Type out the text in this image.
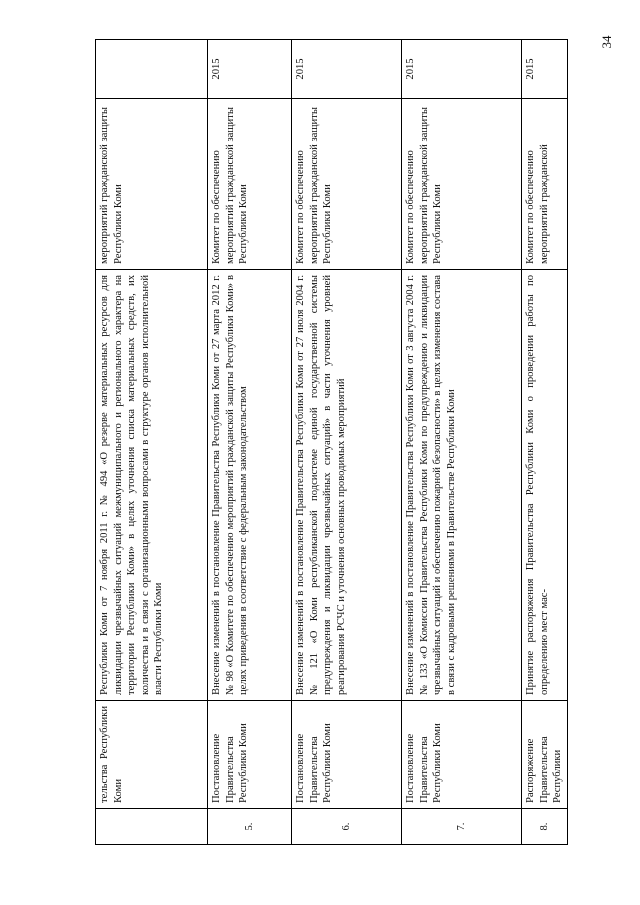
34
	тельства Республики Коми	Республики Коми от 7 ноября 2011 г. № 494 «О резерве материальных ресурсов для ликвидации чрезвычайных ситуаций межмуниципального и регионального характера на территории Республики Коми» в целях уточнения списка материальных средств, их количества и в связи с организационными вопросами в структуре органов исполнительной власти Республики Коми	мероприятий гражданской защиты Республики Коми	
5.	Постановление Правительства Республики Коми	Внесение изменений в постановление Правительства Республики Коми от 27 марта 2012 г. № 98 «О Комитете по обеспечению мероприятий гражданской защиты Республики Коми» в целях приведения в соответствие с федеральным законодательством	Комитет по обеспечению мероприятий гражданской защиты Республики Коми	2015
6.	Постановление Правительства Республики Коми	Внесение изменений в постановление Правительства Республики Коми от 27 июля 2004 г. № 121 «О Коми республиканской подсистеме единой государственной системы предупреждения и ликвидации чрезвычайных ситуаций» в части уточнения уровней реагирования РСЧС и уточнения основных проводимых мероприятий	Комитет по обеспечению мероприятий гражданской защиты Республики Коми	2015
7.	Постановление Правительства Республики Коми	Внесение изменений в постановление Правительства Республики Коми от 3 августа 2004 г. № 133 «О Комиссии Правительства Республики Коми по предупреждению и ликвидации чрезвычайных ситуаций и обеспечению пожарной безопасности» в целях изменения состава в связи с кадровыми решениями в Правительстве Республики Коми	Комитет по обеспечению мероприятий гражданской защиты Республики Коми	2015
8.	Распоряжение Правительства Республики	Принятие распоряжения Правительства Республики Коми о проведении работы по определению мест мас-	Комитет по обеспечению мероприятий гражданской	2015
